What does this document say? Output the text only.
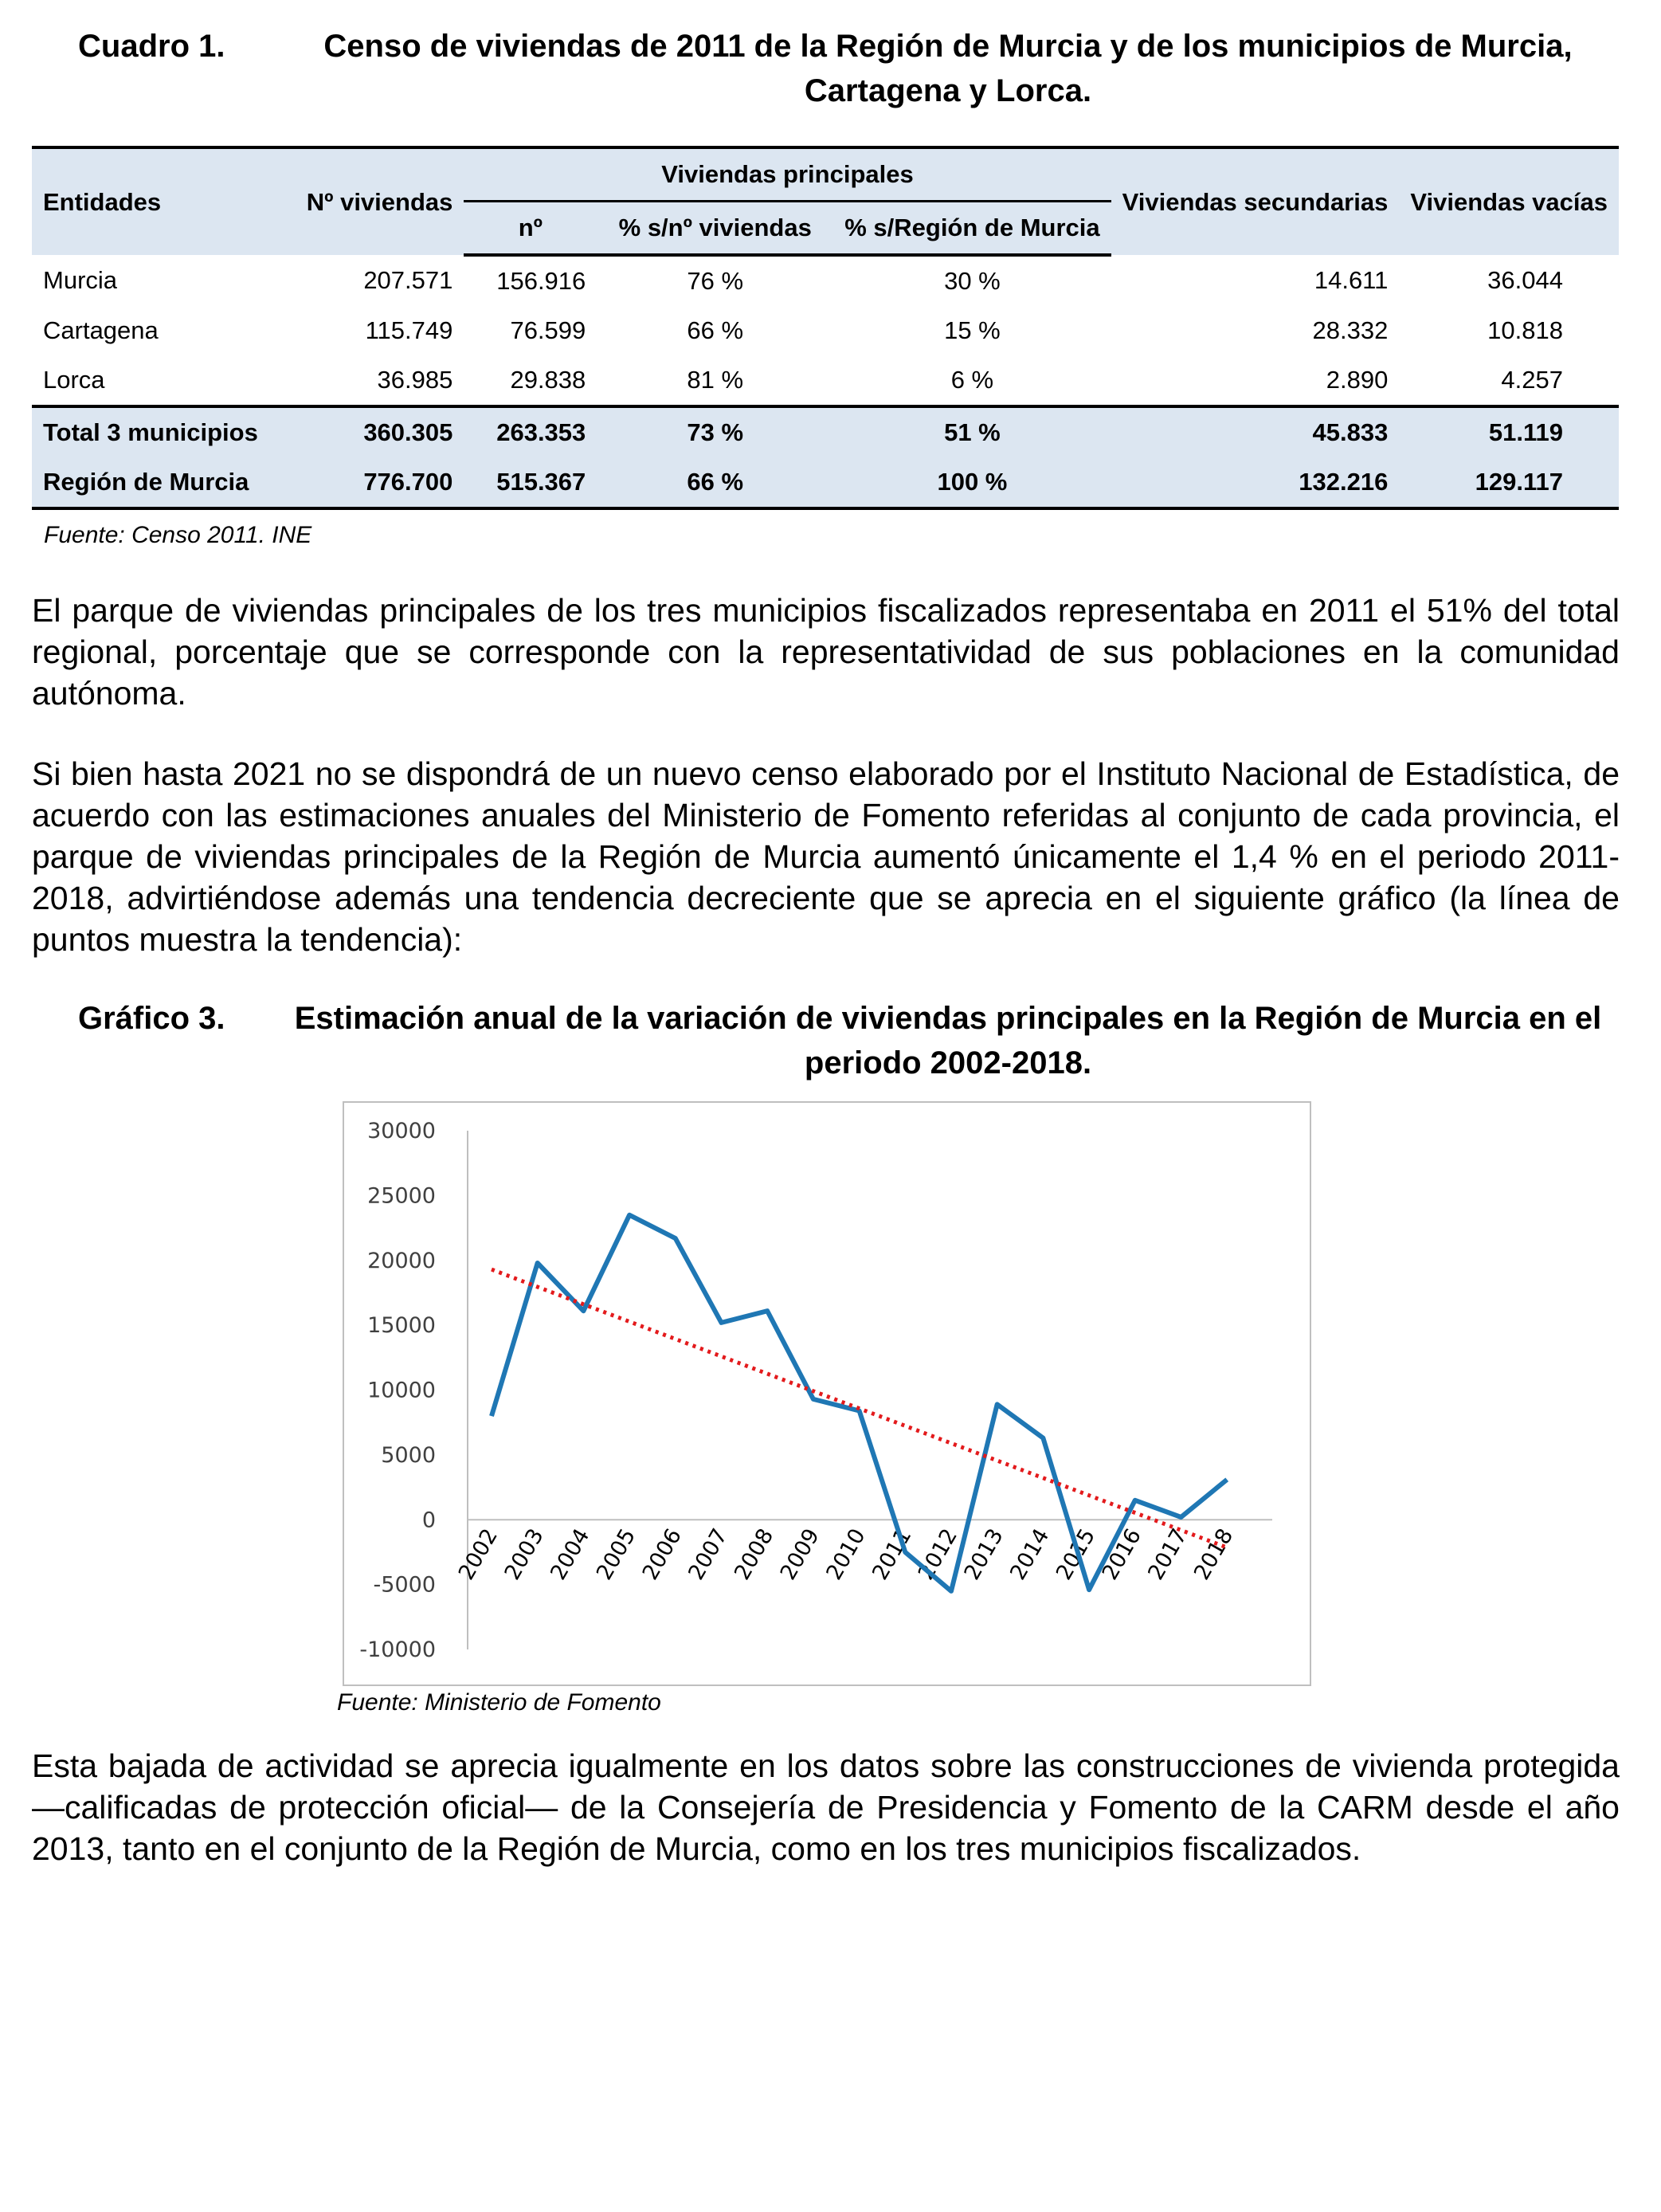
Cuadro 1.	Censo de viviendas de 2011 de la Región de Murcia y de los municipios de Murcia, Cartagena y Lorca.
Entidades	Nº viviendas	Viviendas principales			Viviendas secundarias	Viviendas vacías
		nº	% s/nº viviendas	% s/Región de Murcia		
Murcia	207.571	156.916	76 %	30 %	14.611	36.044
Cartagena	115.749	76.599	66 %	15 %	28.332	10.818
Lorca	36.985	29.838	81 %	6 %	2.890	4.257
Total 3 municipios	360.305	263.353	73 %	51 %	45.833	51.119
Región de Murcia	776.700	515.367	66 %	100 %	132.216	129.117
Fuente: Censo 2011. INE

El parque de viviendas principales de los tres municipios fiscalizados representaba en 2011 el 51% del total regional, porcentaje que se corresponde con la representatividad de sus poblaciones en la comunidad autónoma.

Si bien hasta 2021 no se dispondrá de un nuevo censo elaborado por el Instituto Nacional de Estadística, de acuerdo con las estimaciones anuales del Ministerio de Fomento referidas al conjunto de cada provincia, el parque de viviendas principales de la Región de Murcia aumentó únicamente el 1,4 % en el periodo 2011-2018, advirtiéndose además una tendencia decreciente que se aprecia en el siguiente gráfico (la línea de puntos muestra la tendencia):

Gráfico 3.	Estimación anual de la variación de viviendas principales en la Región de Murcia en el periodo 2002-2018.
30000
25000
20000
15000
10000
5000
0
-5000
-10000
2002
2003
2004
2005
2006
2007
2008
2009
2010
2011
2012
2013
2014
2015
2016
2017
2018
Fuente: Ministerio de Fomento

Esta bajada de actividad se aprecia igualmente en los datos sobre las construcciones de vivienda protegida —calificadas de protección oficial— de la Consejería de Presidencia y Fomento de la CARM desde el año 2013, tanto en el conjunto de la Región de Murcia, como en los tres municipios fiscalizados.
